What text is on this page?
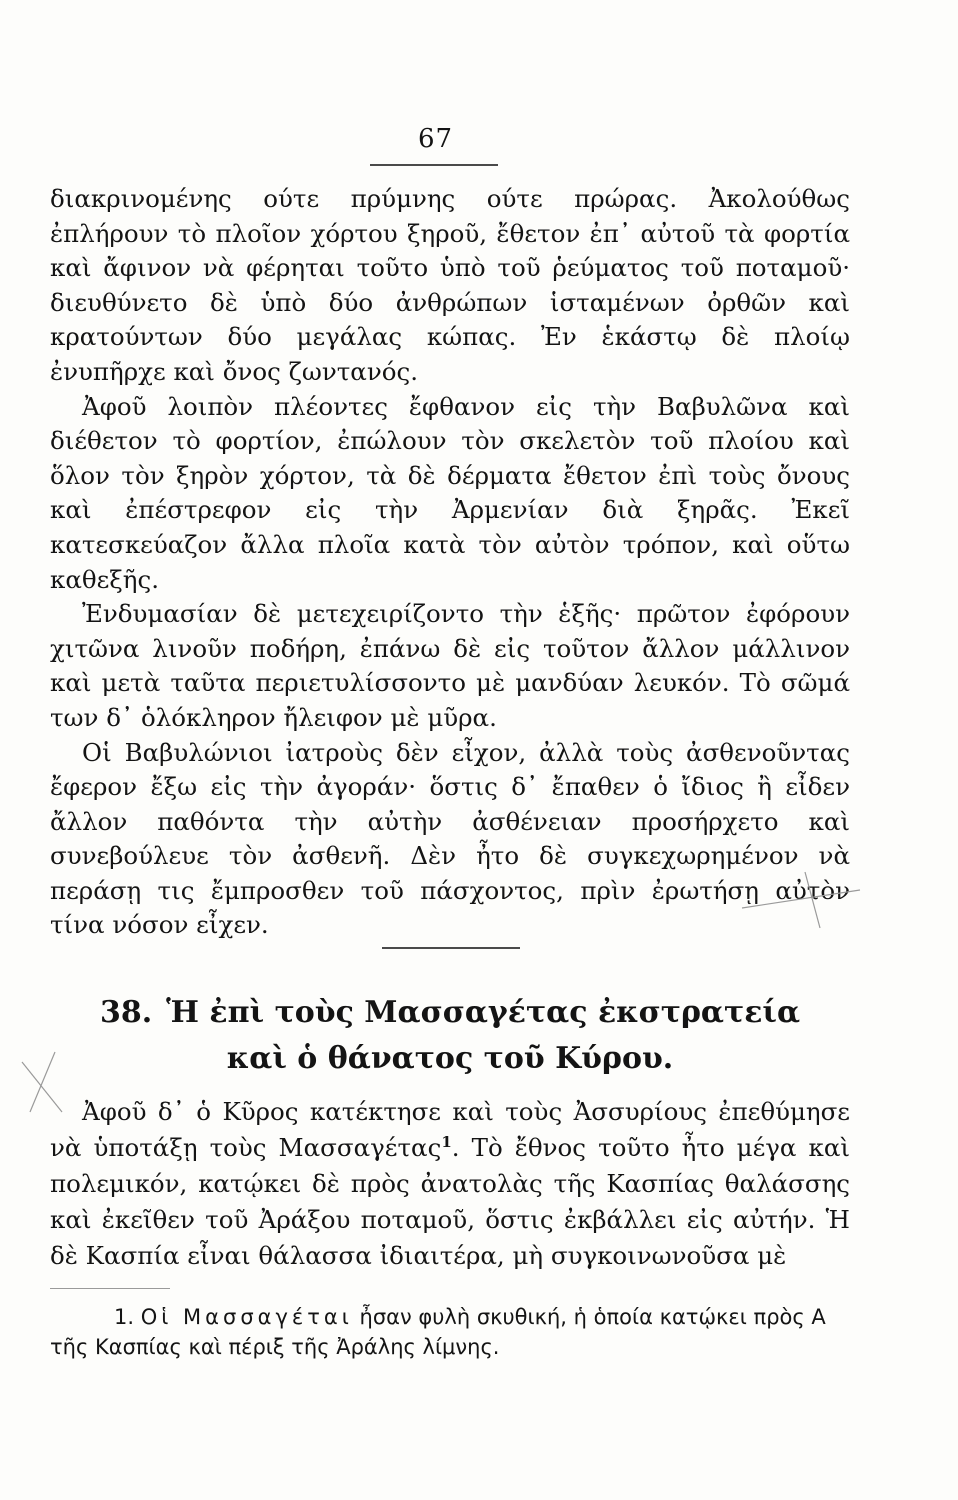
67

διακρινομένης ούτε πρύμνης ούτε πρώρας. Ἀκολούθως ἐπλήρουν τὸ πλοῖον χόρτου ξηροῦ, ἔθετον ἐπ᾽ αὐτοῦ τὰ φορτία καὶ ἄφινον νὰ φέρηται τοῦτο ὑπὸ τοῦ ῥεύματος τοῦ ποταμοῦ· διευθύνετο δὲ ὑπὸ δύο ἀνθρώπων ἱσταμένων ὀρθῶν καὶ κρατούντων δύο μεγάλας κώπας. Ἐν ἑκάστῳ δὲ πλοίῳ ἐνυπῆρχε καὶ ὄνος ζωντανός.

Ἀφοῦ λοιπὸν πλέοντες ἔφθανον εἰς τὴν Βαβυλῶνα καὶ διέθετον τὸ φορτίον, ἐπώλουν τὸν σκελετὸν τοῦ πλοίου καὶ ὅλον τὸν ξηρὸν χόρτον, τὰ δὲ δέρματα ἔθετον ἐπὶ τοὺς ὄνους καὶ ἐπέστρεφον εἰς τὴν Ἀρμενίαν διὰ ξηρᾶς. Ἐκεῖ κατεσκεύαζον ἄλλα πλοῖα κατὰ τὸν αὐτὸν τρόπον, καὶ οὕτω καθεξῆς.

Ἐνδυμασίαν δὲ μετεχειρίζοντο τὴν ἑξῆς· πρῶτον ἐφόρουν χιτῶνα λινοῦν ποδήρη, ἐπάνω δὲ εἰς τοῦτον ἄλλον μάλλινον καὶ μετὰ ταῦτα περιετυλίσσοντο μὲ μανδύαν λευκόν. Τὸ σῶμά των δ᾽ ὁλόκληρον ἤλειφον μὲ μῦρα.

Οἱ Βαβυλώνιοι ἰατροὺς δὲν εἶχον, ἀλλὰ τοὺς ἀσθενοῦντας ἔφερον ἔξω εἰς τὴν ἀγοράν· ὅστις δ᾽ ἔπαθεν ὁ ἴδιος ἢ εἶδεν ἄλλον παθόντα τὴν αὐτὴν ἀσθένειαν προσήρχετο καὶ συνεβούλευε τὸν ἀσθενῆ. Δὲν ἦτο δὲ συγκεχωρημένον νὰ περάσῃ τις ἔμπροσθεν τοῦ πάσχοντος, πρὶν ἐρωτήσῃ αὐτὸν τίνα νόσον εἶχεν.

38. Ἡ ἐπὶ τοὺς Μασσαγέτας ἐκστρατεία
καὶ ὁ θάνατος τοῦ Κύρου.

Ἀφοῦ δ᾽ ὁ Κῦρος κατέκτησε καὶ τοὺς Ἀσσυρίους ἐπεθύμησε νὰ ὑποτάξῃ τοὺς Μασσαγέτας$^1$. Τὸ ἔθνος τοῦτο ἦτο μέγα καὶ πολεμικόν, κατῴκει δὲ πρὸς ἀνατολὰς τῆς Κασπίας θαλάσσης καὶ ἐκεῖθεν τοῦ Ἀράξου ποταμοῦ, ὅστις ἐκβάλλει εἰς αὐτήν. Ἡ δὲ Κασπία εἶναι θάλασσα ἰδιαιτέρα, μὴ συγκοινωνοῦσα μὲ

1. Οἱ Μασσαγέται ἦσαν φυλὴ σκυθική, ἡ ὁποία κατῴκει πρὸς Α τῆς Κασπίας καὶ πέριξ τῆς Ἀράλης λίμνης.
